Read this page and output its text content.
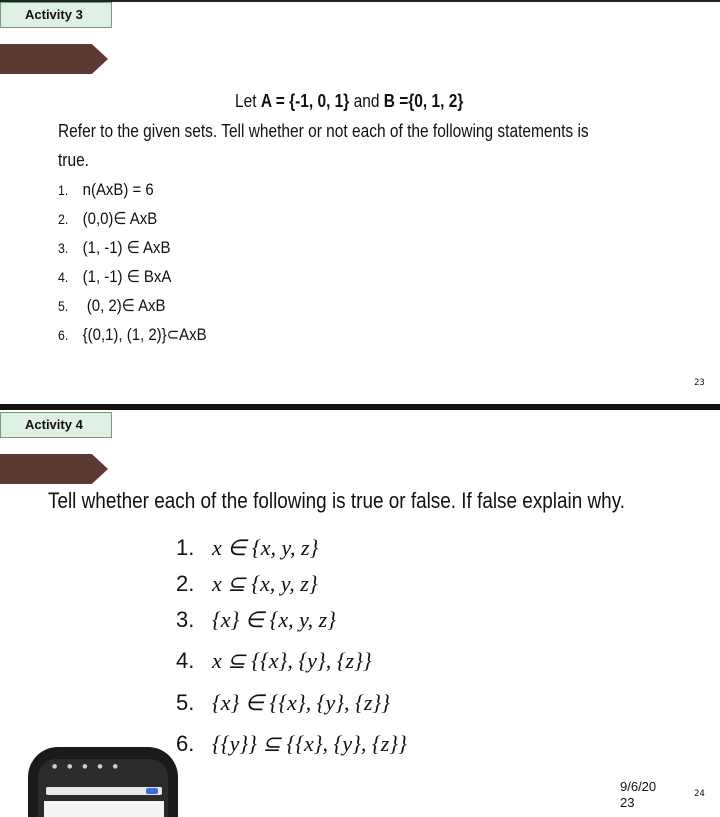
Activity 3
Let A = {-1, 0, 1} and B ={0, 1, 2}
Refer to the given sets. Tell whether or not each of the following statements is
true.
1. n(AxB) = 6
2. (0,0)∈ AxB
3. (1, -1) ∈ AxB
4. (1, -1) ∈ BxA
5. (0, 2)∈ AxB
6. {(0,1), (1, 2)}⊂AxB
23
Activity 4
Tell whether each of the following is true or false. If false explain why.
1. x ∈ {x, y, z}
2. x ⊆ {x, y, z}
3. {x} ∈ {x, y, z}
4. x ⊆ {{x}, {y}, {z}}
5. {x} ∈ {{x}, {y}, {z}}
6. {{y}} ⊆ {{x}, {y}, {z}}
● ● ● ● ●
9/6/20
23
24
